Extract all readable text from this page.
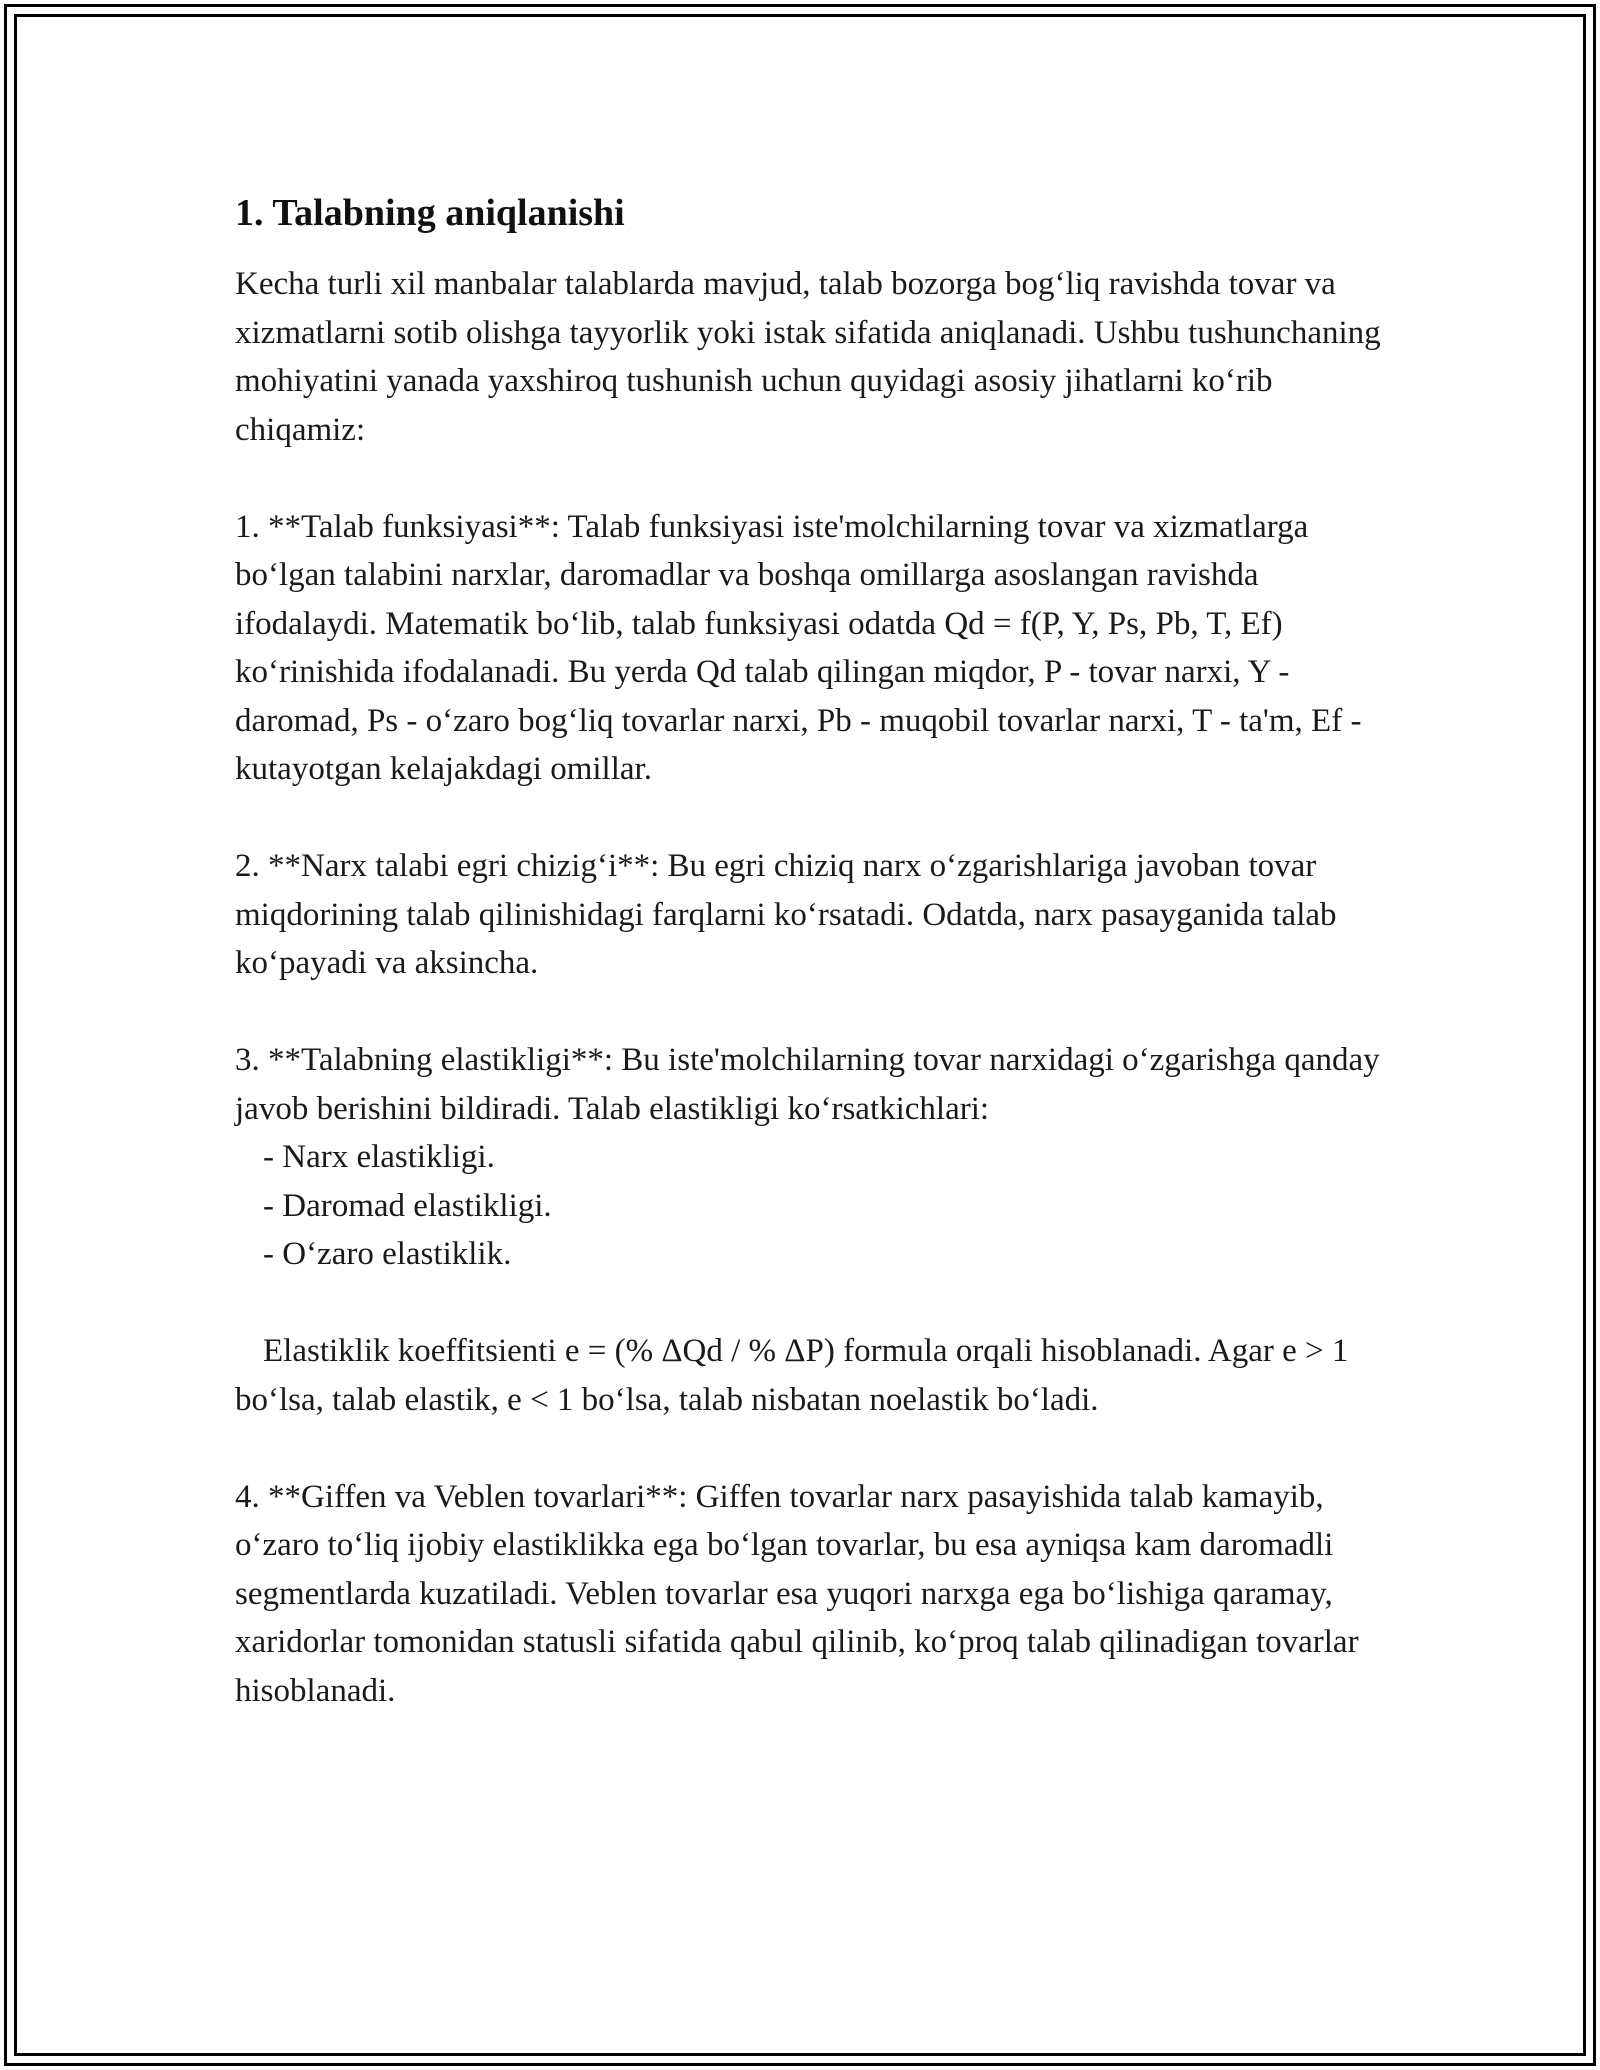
1. Talabning aniqlanishi

Kecha turli xil manbalar talablarda mavjud, talab bozorga bog‘liq ravishda tovar va xizmatlarni sotib olishga tayyorlik yoki istak sifatida aniqlanadi. Ushbu tushunchaning mohiyatini yanada yaxshiroq tushunish uchun quyidagi asosiy jihatlarni ko‘rib chiqamiz:

1. **Talab funksiyasi**: Talab funksiyasi iste'molchilarning tovar va xizmatlarga bo‘lgan talabini narxlar, daromadlar va boshqa omillarga asoslangan ravishda ifodalaydi. Matematik bo‘lib, talab funksiyasi odatda Qd = f(P, Y, Ps, Pb, T, Ef) ko‘rinishida ifodalanadi. Bu yerda Qd talab qilingan miqdor, P - tovar narxi, Y - daromad, Ps - o‘zaro bog‘liq tovarlar narxi, Pb - muqobil tovarlar narxi, T - ta'm, Ef - kutayotgan kelajakdagi omillar.

2. **Narx talabi egri chizig‘i**: Bu egri chiziq narx o‘zgarishlariga javoban tovar miqdorining talab qilinishidagi farqlarni ko‘rsatadi. Odatda, narx pasayganida talab ko‘payadi va aksincha.

3. **Talabning elastikligi**: Bu iste'molchilarning tovar narxidagi o‘zgarishga qanday javob berishini bildiradi. Talab elastikligi ko‘rsatkichlari:

- Narx elastikligi.
- Daromad elastikligi.
- O‘zaro elastiklik.

Elastiklik koeffitsienti e = (% ΔQd / % ΔP) formula orqali hisoblanadi. Agar e > 1 bo‘lsa, talab elastik, e < 1 bo‘lsa, talab nisbatan noelastik bo‘ladi.

4. **Giffen va Veblen tovarlari**: Giffen tovarlar narx pasayishida talab kamayib, o‘zaro to‘liq ijobiy elastiklikka ega bo‘lgan tovarlar, bu esa ayniqsa kam daromadli segmentlarda kuzatiladi. Veblen tovarlar esa yuqori narxga ega bo‘lishiga qaramay, xaridorlar tomonidan statusli sifatida qabul qilinib, ko‘proq talab qilinadigan tovarlar hisoblanadi.
